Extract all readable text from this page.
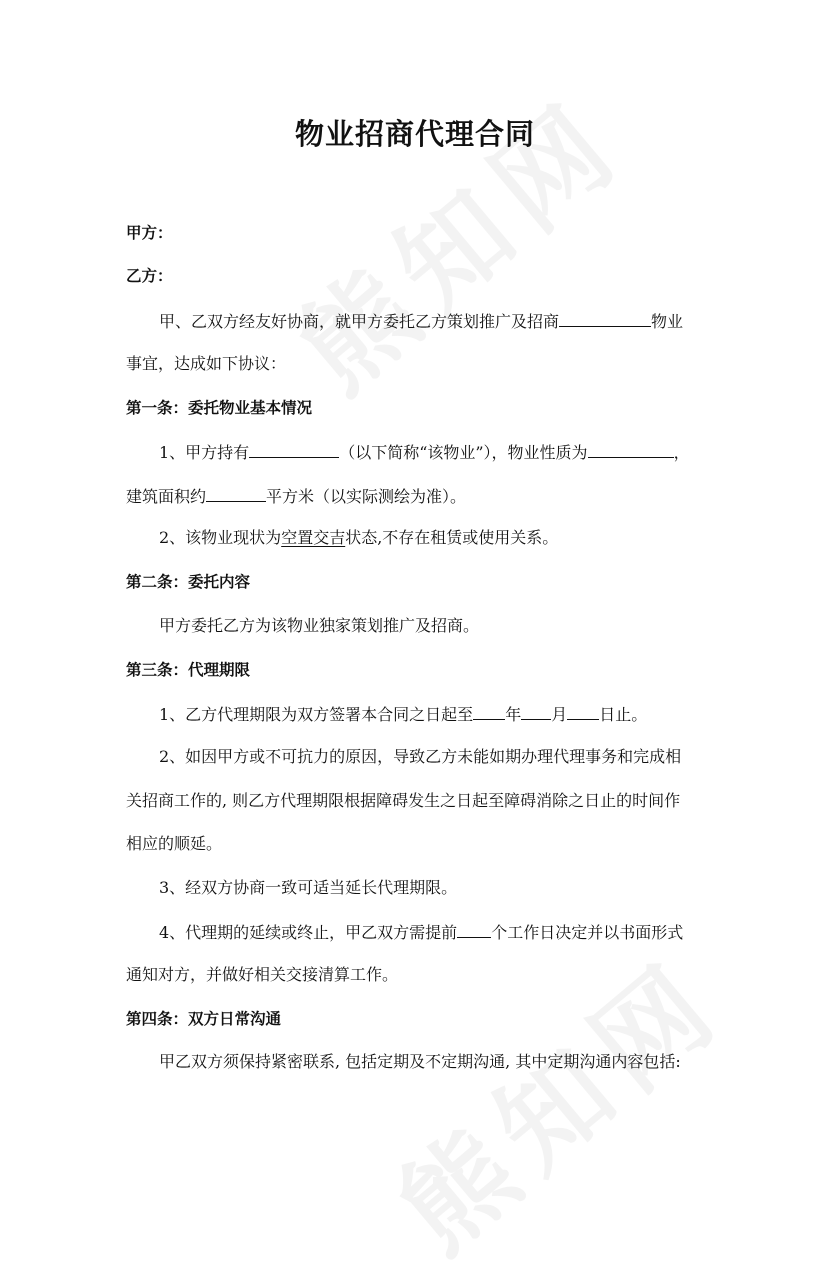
物业招商代理合同

甲方：

乙方：

甲、乙双方经友好协商，就甲方委托乙方策划推广及招商	物业

事宜，达成如下协议：

第一条：委托物业基本情况

1、甲方持有	（以下简称“该物业”），物业性质为	，

建筑面积约	平方米（以实际测绘为准）。

2、该物业现状为空置交吉状态,不存在租赁或使用关系。

第二条：委托内容

甲方委托乙方为该物业独家策划推广及招商。

第三条：代理期限

1、乙方代理期限为双方签署本合同之日起至 年 月 日止。

2、如因甲方或不可抗力的原因，导致乙方未能如期办理代理事务和完成相

关招商工作的, 则乙方代理期限根据障碍发生之日起至障碍消除之日止的时间作

相应的顺延。

3、经双方协商一致可适当延长代理期限。

4、代理期的延续或终止，甲乙双方需提前 个工作日决定并以书面形式

通知对方，并做好相关交接清算工作。

第四条：双方日常沟通

甲乙双方须保持紧密联系, 包括定期及不定期沟通, 其中定期沟通内容包括:
